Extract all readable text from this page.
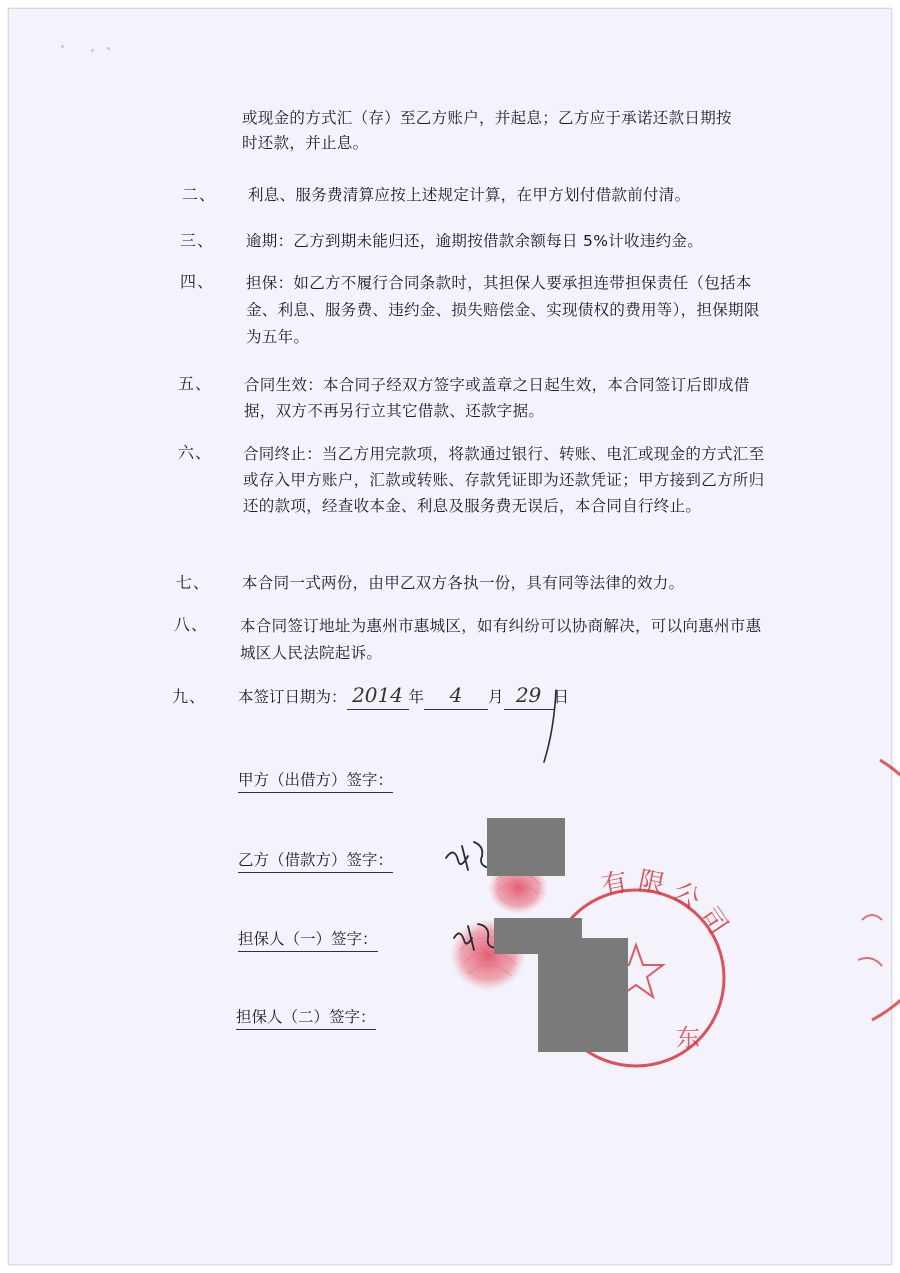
或现金的方式汇（存）至乙方账户，并起息；乙方应于承诺还款日期按
时还款，并止息。
二、 利息、服务费清算应按上述规定计算，在甲方划付借款前付清。
三、 逾期：乙方到期未能归还，逾期按借款余额每日 5%计收违约金。
四、 担保：如乙方不履行合同条款时，其担保人要承担连带担保责任（包括本金、利息、服务费、违约金、损失赔偿金、实现债权的费用等），担保期限为五年。
五、 合同生效：本合同子经双方签字或盖章之日起生效，本合同签订后即成借据，双方不再另行立其它借款、还款字据。
六、 合同终止：当乙方用完款项，将款通过银行、转账、电汇或现金的方式汇至或存入甲方账户，汇款或转账、存款凭证即为还款凭证；甲方接到乙方所归还的款项，经查收本金、利息及服务费无误后，本合同自行终止。
七、 本合同一式两份，由甲乙双方各执一份，具有同等法律的效力。
八、 本合同签订地址为惠州市惠城区，如有纠纷可以协商解决，可以向惠州市惠城区人民法院起诉。
九、 本签订日期为： 2014 年 4 月 29 日
甲方（出借方）签字：
乙方（借款方）签字：
担保人（一）签字：
担保人（二）签字：
有限公司
东
